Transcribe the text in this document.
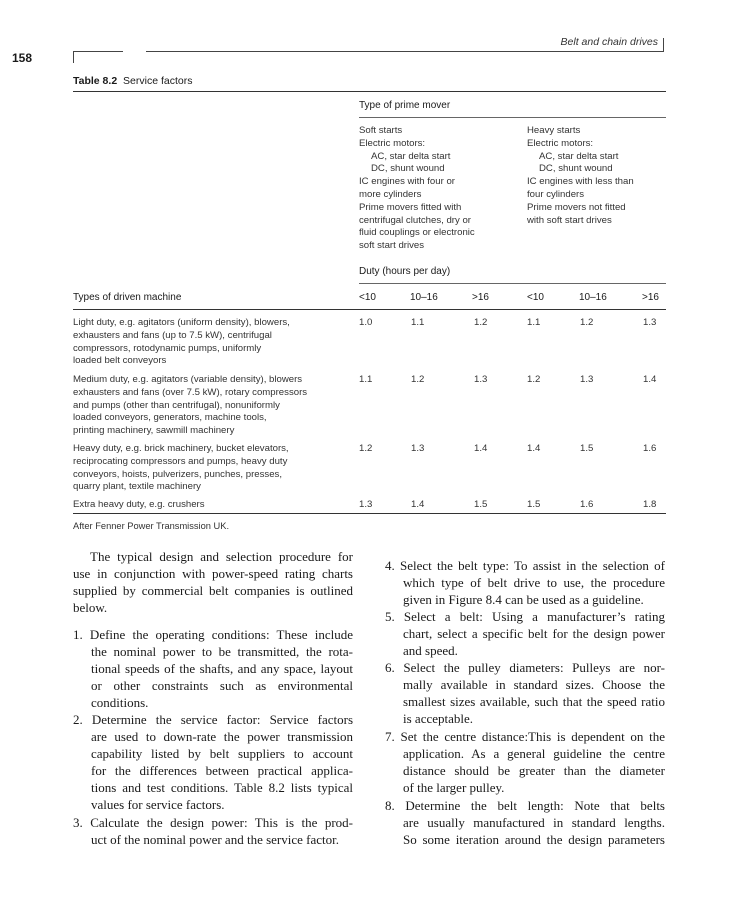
Belt and chain drives
158
Table 8.2 Service factors
Type of prime mover
Soft starts
Electric motors:
AC, star delta start
DC, shunt wound
IC engines with four or
more cylinders
Prime movers fitted with
centrifugal clutches, dry or
fluid couplings or electronic
soft start drives
Heavy starts
Electric motors:
AC, star delta start
DC, shunt wound
IC engines with less than
four cylinders
Prime movers not fitted
with soft start drives
Duty (hours per day)
Types of driven machine	<10	10–16	>16	<10	10–16	>16
Light duty, e.g. agitators (uniform density), blowers,
exhausters and fans (up to 7.5 kW), centrifugal
compressors, rotodynamic pumps, uniformly
loaded belt conveyors
1.0	1.1	1.2	1.1	1.2	1.3
Medium duty, e.g. agitators (variable density), blowers
exhausters and fans (over 7.5 kW), rotary compressors
and pumps (other than centrifugal), nonuniformly
loaded conveyors, generators, machine tools,
printing machinery, sawmill machinery
1.1	1.2	1.3	1.2	1.3	1.4
Heavy duty, e.g. brick machinery, bucket elevators,
reciprocating compressors and pumps, heavy duty
conveyors, hoists, pulverizers, punches, presses,
quarry plant, textile machinery
1.2	1.3	1.4	1.4	1.5	1.6
Extra heavy duty, e.g. crushers	1.3	1.4	1.5	1.5	1.6	1.8
After Fenner Power Transmission UK.
The typical design and selection procedure for
use in conjunction with power-speed rating charts
supplied by commercial belt companies is outlined
below.
1. Define the operating conditions: These include
the nominal power to be transmitted, the rota-
tional speeds of the shafts, and any space, layout
or other constraints such as environmental
conditions.
2. Determine the service factor: Service factors
are used to down-rate the power transmission
capability listed by belt suppliers to account
for the differences between practical applica-
tions and test conditions. Table 8.2 lists typical
values for service factors.
3. Calculate the design power: This is the prod-
uct of the nominal power and the service factor.
4. Select the belt type: To assist in the selection of
which type of belt drive to use, the procedure
given in Figure 8.4 can be used as a guideline.
5. Select a belt: Using a manufacturer’s rating
chart, select a specific belt for the design power
and speed.
6. Select the pulley diameters: Pulleys are nor-
mally available in standard sizes. Choose the
smallest sizes available, such that the speed ratio
is acceptable.
7. Set the centre distance:This is dependent on the
application. As a general guideline the centre
distance should be greater than the diameter
of the larger pulley.
8. Determine the belt length: Note that belts
are usually manufactured in standard lengths.
So some iteration around the design parameters
